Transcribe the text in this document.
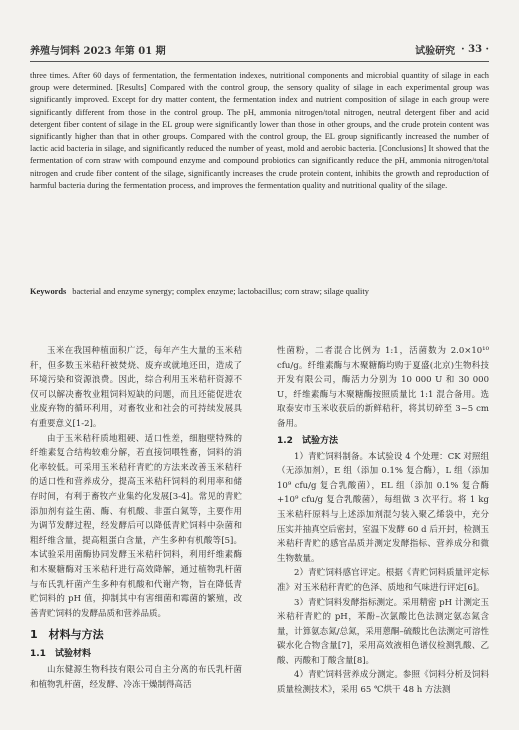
养殖与饲料 2023 年第 01 期	试验研究 · 33 ·

three times. After 60 days of fermentation, the fermentation indexes, nutritional components and microbial quantity of silage in each group were determined. [Results] Compared with the control group, the sensory quality of silage in each experimental group was significantly improved. Except for dry matter content, the fermentation index and nutrient composition of silage in each group were significantly different from those in the control group. The pH, ammonia nitrogen/total nitrogen, neutral detergent fiber and acid detergent fiber content of silage in the EL group were significantly lower than those in other groups, and the crude protein content was significantly higher than that in other groups. Compared with the control group, the EL group significantly increased the number of lactic acid bacteria in silage, and significantly reduced the number of yeast, mold and aerobic bacteria. [Conclusions] It showed that the fermentation of corn straw with compound enzyme and compound probiotics can significantly reduce the pH, ammonia nitrogen/total nitrogen and crude fiber content of the silage, significantly increases the crude protein content, inhibits the growth and reproduction of harmful bacteria during the fermentation process, and improves the fermentation quality and nutritional quality of the silage.

Keywords bacterial and enzyme synergy; complex enzyme; lactobacillus; corn straw; silage quality

玉米在我国种植面积广泛，每年产生大量的玉米秸秆，但多数玉米秸秆被焚烧、废弃或就地还田，造成了环境污染和资源浪费。因此，综合利用玉米秸秆资源不仅可以解决畜牧业粗饲料短缺的问题，而且还能促进农业废弃物的循环利用，对畜牧业和社会的可持续发展具有重要意义[1-2]。

由于玉米秸秆质地粗硬、适口性差，细胞壁特殊的纤维素复合结构较难分解，若直接饲喂牲畜，饲料的消化率较低。可采用玉米秸秆青贮的方法来改善玉米秸秆的适口性和营养成分，提高玉米秸秆饲料的利用率和储存时间，有利于畜牧产业集约化发展[3-4]。常见的青贮添加剂有益生菌、酶、有机酸、非蛋白氮等，主要作用为调节发酵过程，经发酵后可以降低青贮饲料中杂菌和粗纤维含量，提高粗蛋白含量，产生多种有机酸等[5]。本试验采用菌酶协同发酵玉米秸秆饲料，利用纤维素酶和木聚糖酶对玉米秸秆进行高效降解，通过植物乳杆菌与布氏乳杆菌产生多种有机酸和代谢产物，旨在降低青贮饲料的 pH 值，抑制其中有害细菌和霉菌的繁殖，改善青贮饲料的发酵品质和营养品质。

1　材料与方法
1.1　试验材料

山东健源生物科技有限公司自主分离的布氏乳杆菌和植物乳杆菌，经发酵、冷冻干燥制得高活

性菌粉，二者混合比例为 1:1，活菌数为 2.0×10¹⁰ cfu/g。纤维素酶与木聚糖酶均购于夏盛(北京)生物科技开发有限公司，酶活力分别为 10 000 U 和 30 000 U，纤维素酶与木聚糖酶按照质量比 1:1 混合备用。选取泰安市玉米收获后的新鲜秸秆，将其切碎至 3~5 cm 备用。

1.2　试验方法

1）青贮饲料制备。本试验设 4 个处理：CK 对照组（无添加剂），E 组（添加 0.1% 复合酶），L 组（添加 10⁹ cfu/g 复合乳酸菌），EL 组（添加 0.1% 复合酶+10⁹ cfu/g 复合乳酸菌），每组做 3 次平行。将 1 kg 玉米秸秆原料与上述添加剂混匀装入聚乙烯袋中，充分压实并抽真空后密封，室温下发酵 60 d 后开封，检测玉米秸秆青贮的感官品质并测定发酵指标、营养成分和微生物数量。

2）青贮饲料感官评定。根据《青贮饲料质量评定标准》对玉米秸秆青贮的色泽、质地和气味进行评定[6]。

3）青贮饲料发酵指标测定。采用精密 pH 计测定玉米秸秆青贮的 pH，苯酚–次氯酸比色法测定氨态氮含量，计算氨态氮/总氮，采用蒽酮–硫酸比色法测定可溶性碳水化合物含量[7]，采用高效液相色谱仪检测乳酸、乙酸、丙酸和丁酸含量[8]。

4）青贮饲料营养成分测定。参照《饲料分析及饲料质量检测技术》，采用 65 ℃烘干 48 h 方法测
